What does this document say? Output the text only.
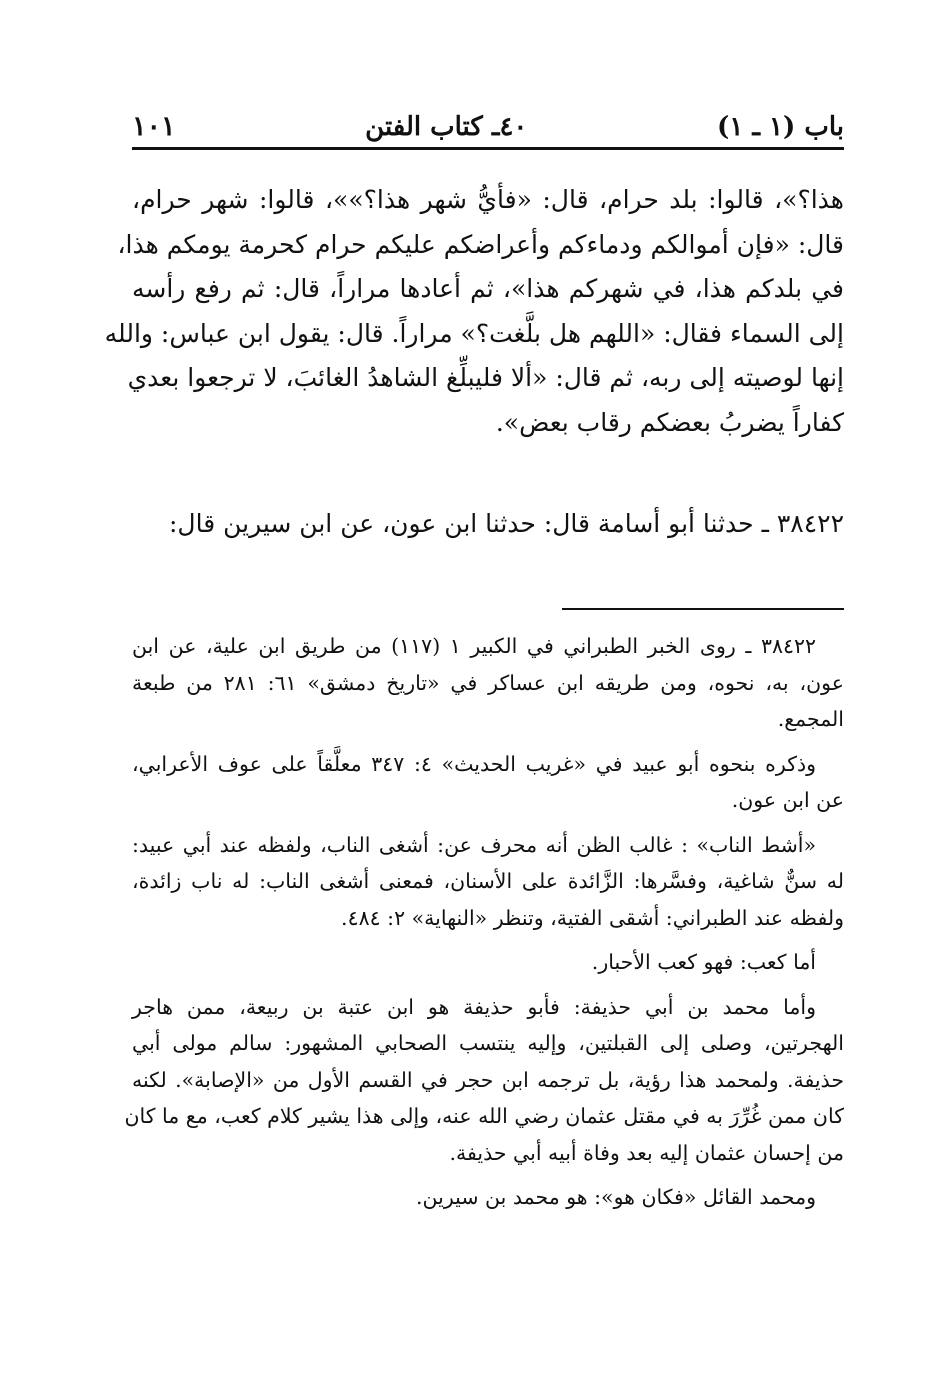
باب (١ ـ ١)
٤٠ـ كتاب الفتن
١٠١
هذا؟»، قالوا: بلد حرام، قال: «فأيُّ شهر هذا؟»»، قالوا: شهر حرام،
قال: «فإن أموالكم ودماءكم وأعراضكم عليكم حرام كحرمة يومكم هذا،
في بلدكم هذا، في شهركم هذا»، ثم أعادها مراراً، قال: ثم رفع رأسه
إلى السماء فقال: «اللهم هل بلَّغت؟» مراراً. قال: يقول ابن عباس: والله
إنها لوصيته إلى ربه، ثم قال: «ألا فليبلِّغ الشاهدُ الغائبَ، لا ترجعوا بعدي
كفاراً يضربُ بعضكم رقاب بعض».
٣٨٤٢٢ ـ حدثنا أبو أسامة قال: حدثنا ابن عون، عن ابن سيرين قال:
٣٨٤٢٢ ـ روى الخبر الطبراني في الكبير ١ (١١٧) من طريق ابن علية، عن ابن
عون، به، نحوه، ومن طريقه ابن عساكر في «تاريخ دمشق» ٦١: ٢٨١ من طبعة
المجمع.
وذكره بنحوه أبو عبيد في «غريب الحديث» ٤: ٣٤٧ معلَّقاً على عوف الأعرابي،
عن ابن عون.
«أشط الناب» : غالب الظن أنه محرف عن: أشغى الناب، ولفظه عند أبي عبيد:
له سنٌّ شاغية، وفسَّرها: الزَّائدة على الأسنان، فمعنى أشغى الناب: له ناب زائدة،
ولفظه عند الطبراني: أشقى الفتية، وتنظر «النهاية» ٢: ٤٨٤.
أما كعب: فهو كعب الأحبار.
وأما محمد بن أبي حذيفة: فأبو حذيفة هو ابن عتبة بن ربيعة، ممن هاجر
الهجرتين، وصلى إلى القبلتين، وإليه ينتسب الصحابي المشهور: سالم مولى أبي
حذيفة. ولمحمد هذا رؤية، بل ترجمه ابن حجر في القسم الأول من «الإصابة». لكنه
كان ممن غُرِّرَ به في مقتل عثمان رضي الله عنه، وإلى هذا يشير كلام كعب، مع ما كان
من إحسان عثمان إليه بعد وفاة أبيه أبي حذيفة.
ومحمد القائل «فكان هو»: هو محمد بن سيرين.
